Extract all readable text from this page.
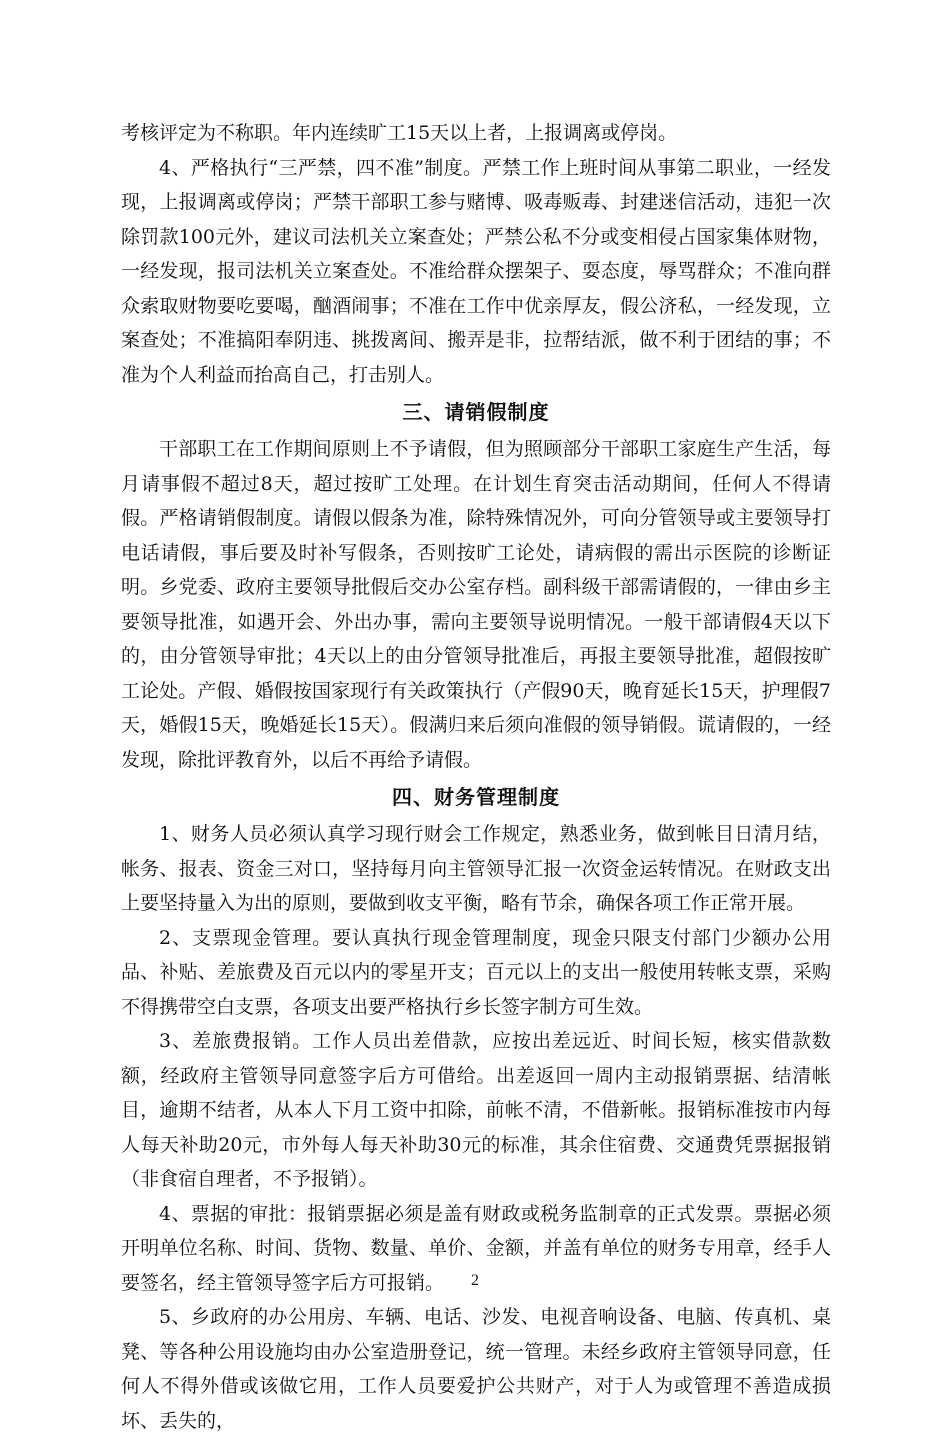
考核评定为不称职。年内连续旷工15天以上者，上报调离或停岗。

4、严格执行“三严禁，四不准”制度。严禁工作上班时间从事第二职业，一经发现，上报调离或停岗；严禁干部职工参与赌博、吸毒贩毒、封建迷信活动，违犯一次除罚款100元外，建议司法机关立案查处；严禁公私不分或变相侵占国家集体财物，一经发现，报司法机关立案查处。不准给群众摆架子、耍态度，辱骂群众；不准向群众索取财物要吃要喝，酗酒闹事；不准在工作中优亲厚友，假公济私，一经发现，立案查处；不准搞阳奉阴违、挑拨离间、搬弄是非，拉帮结派，做不利于团结的事；不准为个人利益而抬高自己，打击别人。

三、请销假制度

干部职工在工作期间原则上不予请假，但为照顾部分干部职工家庭生产生活，每月请事假不超过8天，超过按旷工处理。在计划生育突击活动期间，任何人不得请假。严格请销假制度。请假以假条为准，除特殊情况外，可向分管领导或主要领导打电话请假，事后要及时补写假条，否则按旷工论处，请病假的需出示医院的诊断证明。乡党委、政府主要领导批假后交办公室存档。副科级干部需请假的，一律由乡主要领导批准，如遇开会、外出办事，需向主要领导说明情况。一般干部请假4天以下的，由分管领导审批；4天以上的由分管领导批准后，再报主要领导批准，超假按旷工论处。产假、婚假按国家现行有关政策执行（产假90天，晚育延长15天，护理假7天，婚假15天，晚婚延长15天）。假满归来后须向准假的领导销假。谎请假的，一经发现，除批评教育外，以后不再给予请假。

四、财务管理制度

1、财务人员必须认真学习现行财会工作规定，熟悉业务，做到帐目日清月结，帐务、报表、资金三对口，坚持每月向主管领导汇报一次资金运转情况。在财政支出上要坚持量入为出的原则，要做到收支平衡，略有节余，确保各项工作正常开展。

2、支票现金管理。要认真执行现金管理制度，现金只限支付部门少额办公用品、补贴、差旅费及百元以内的零星开支；百元以上的支出一般使用转帐支票，采购不得携带空白支票，各项支出要严格执行乡长签字制方可生效。

3、差旅费报销。工作人员出差借款，应按出差远近、时间长短，核实借款数额，经政府主管领导同意签字后方可借给。出差返回一周内主动报销票据、结清帐目，逾期不结者，从本人下月工资中扣除，前帐不清，不借新帐。报销标准按市内每人每天补助20元，市外每人每天补助30元的标准，其余住宿费、交通费凭票据报销（非食宿自理者，不予报销）。

4、票据的审批：报销票据必须是盖有财政或税务监制章的正式发票。票据必须开明单位名称、时间、货物、数量、单价、金额，并盖有单位的财务专用章，经手人要签名，经主管领导签字后方可报销。

5、乡政府的办公用房、车辆、电话、沙发、电视音响设备、电脑、传真机、桌凳、等各种公用设施均由办公室造册登记，统一管理。未经乡政府主管领导同意，任何人不得外借或该做它用，工作人员要爱护公共财产，对于人为或管理不善造成损坏、丢失的，

2
